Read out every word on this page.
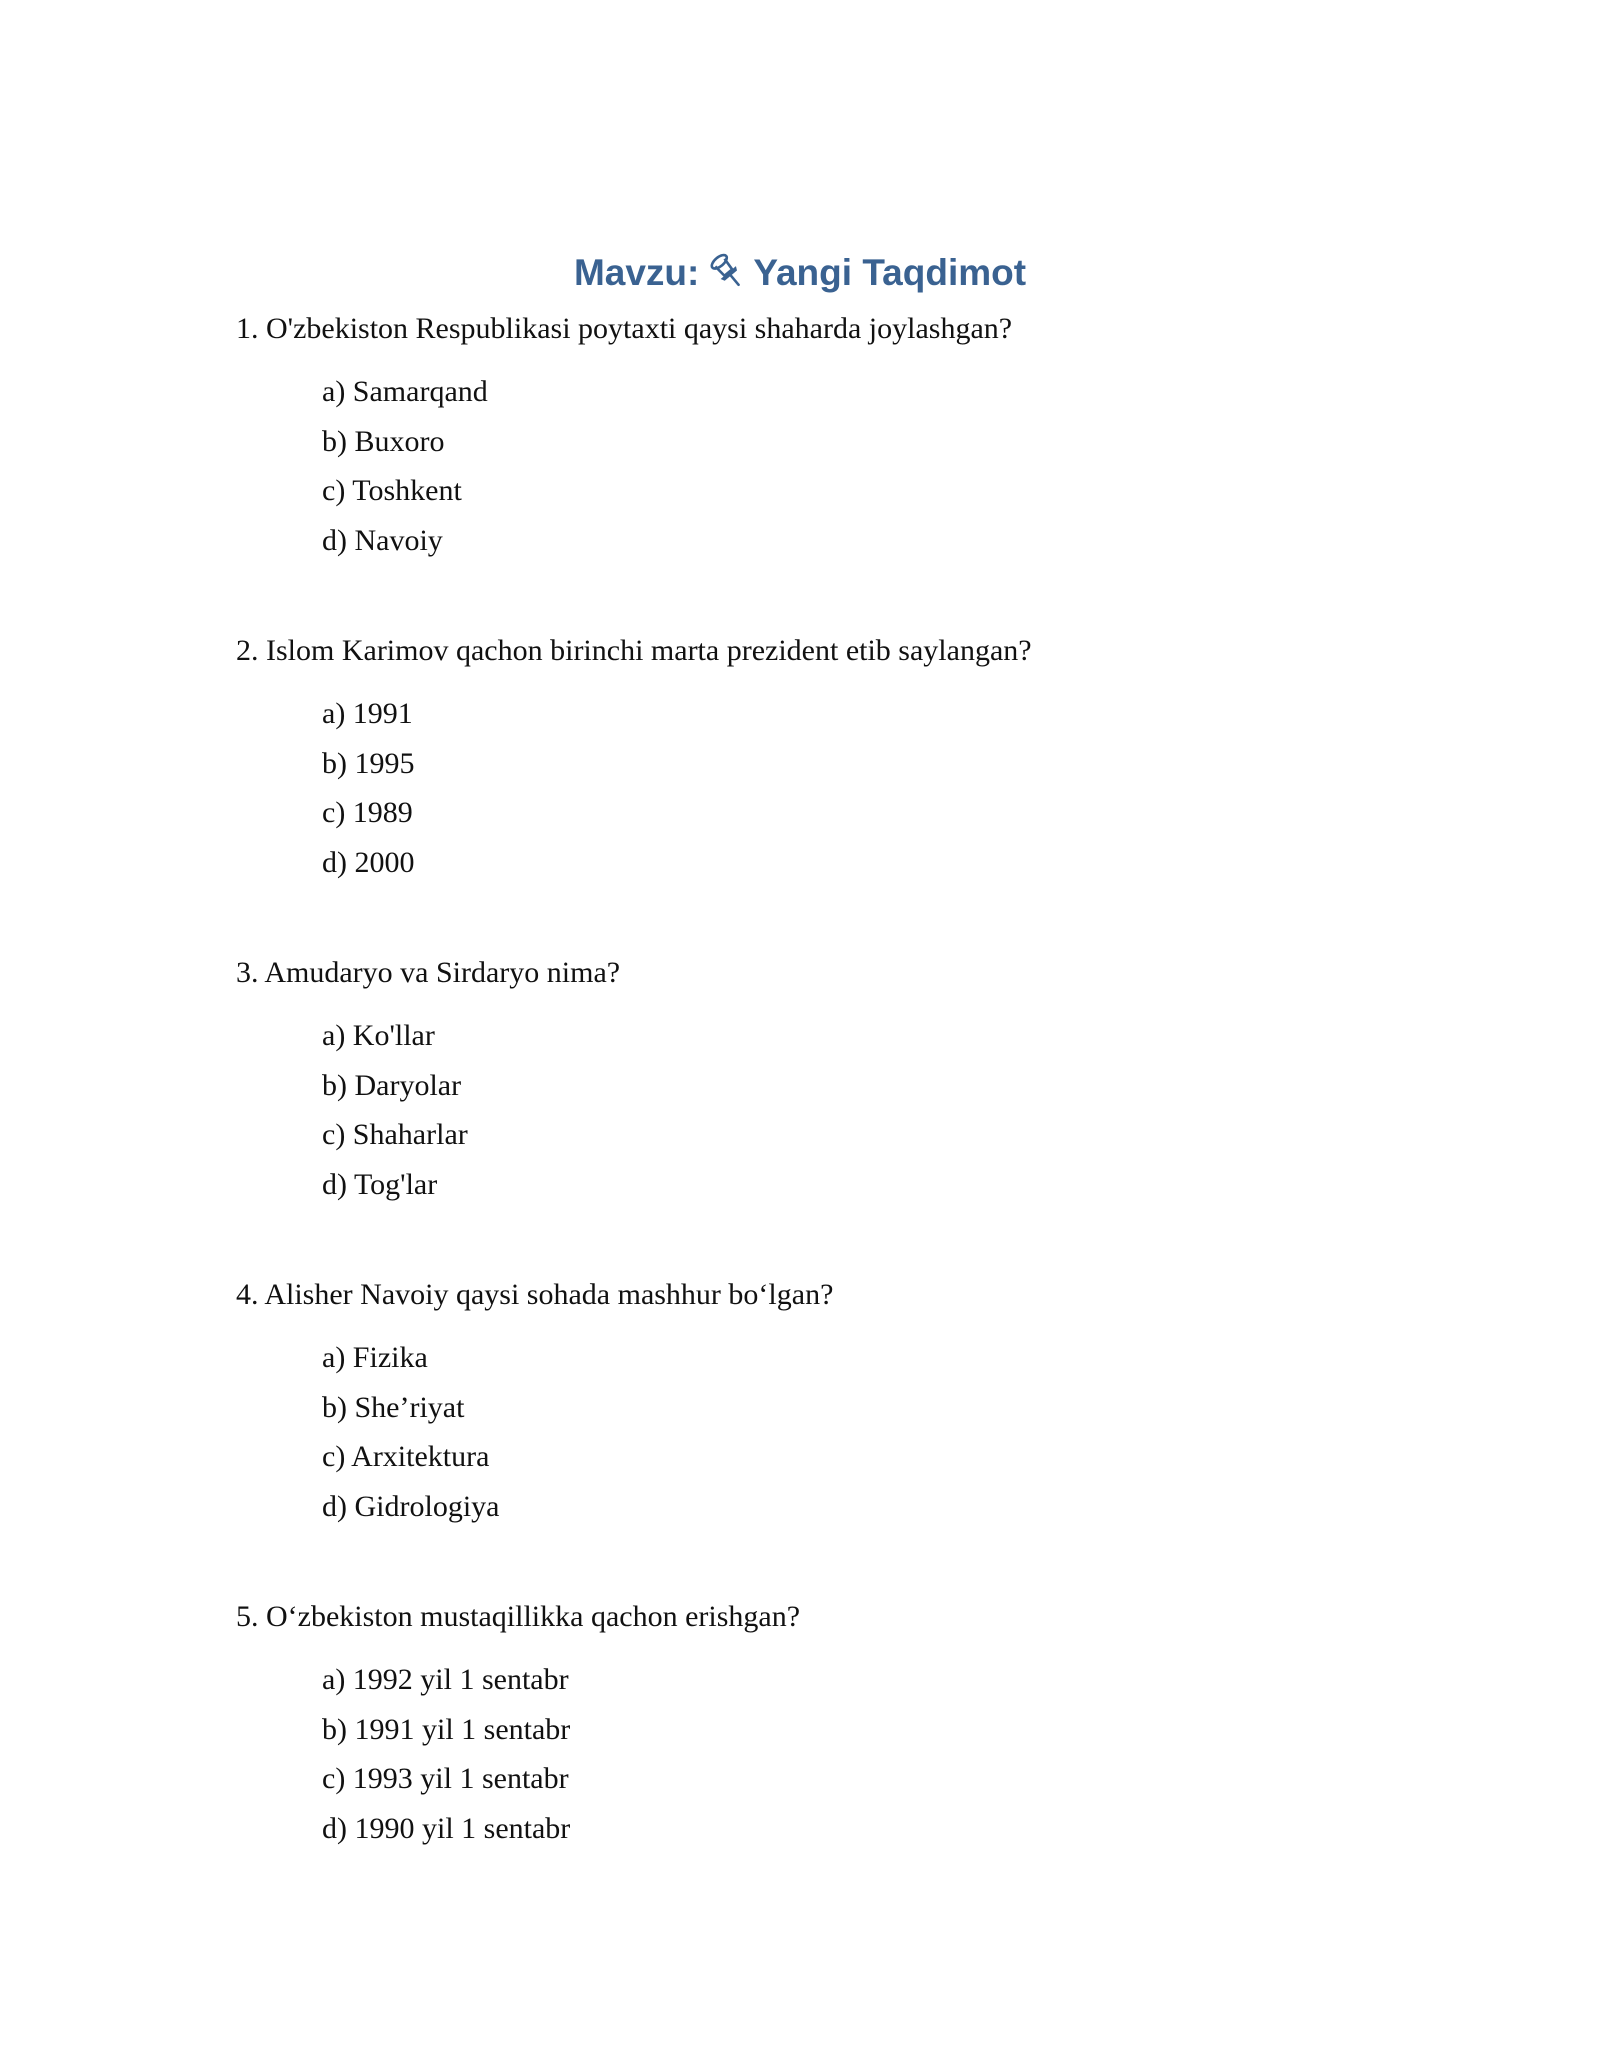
Mavzu: Yangi Taqdimot

1. O'zbekiston Respublikasi poytaxti qaysi shaharda joylashgan?

a) Samarqand
b) Buxoro
c) Toshkent
d) Navoiy

2. Islom Karimov qachon birinchi marta prezident etib saylangan?

a) 1991
b) 1995
c) 1989
d) 2000

3. Amudaryo va Sirdaryo nima?

a) Ko'llar
b) Daryolar
c) Shaharlar
d) Tog'lar

4. Alisher Navoiy qaysi sohada mashhur bo‘lgan?

a) Fizika
b) She’riyat
c) Arxitektura
d) Gidrologiya

5. O‘zbekiston mustaqillikka qachon erishgan?

a) 1992 yil 1 sentabr
b) 1991 yil 1 sentabr
c) 1993 yil 1 sentabr
d) 1990 yil 1 sentabr
